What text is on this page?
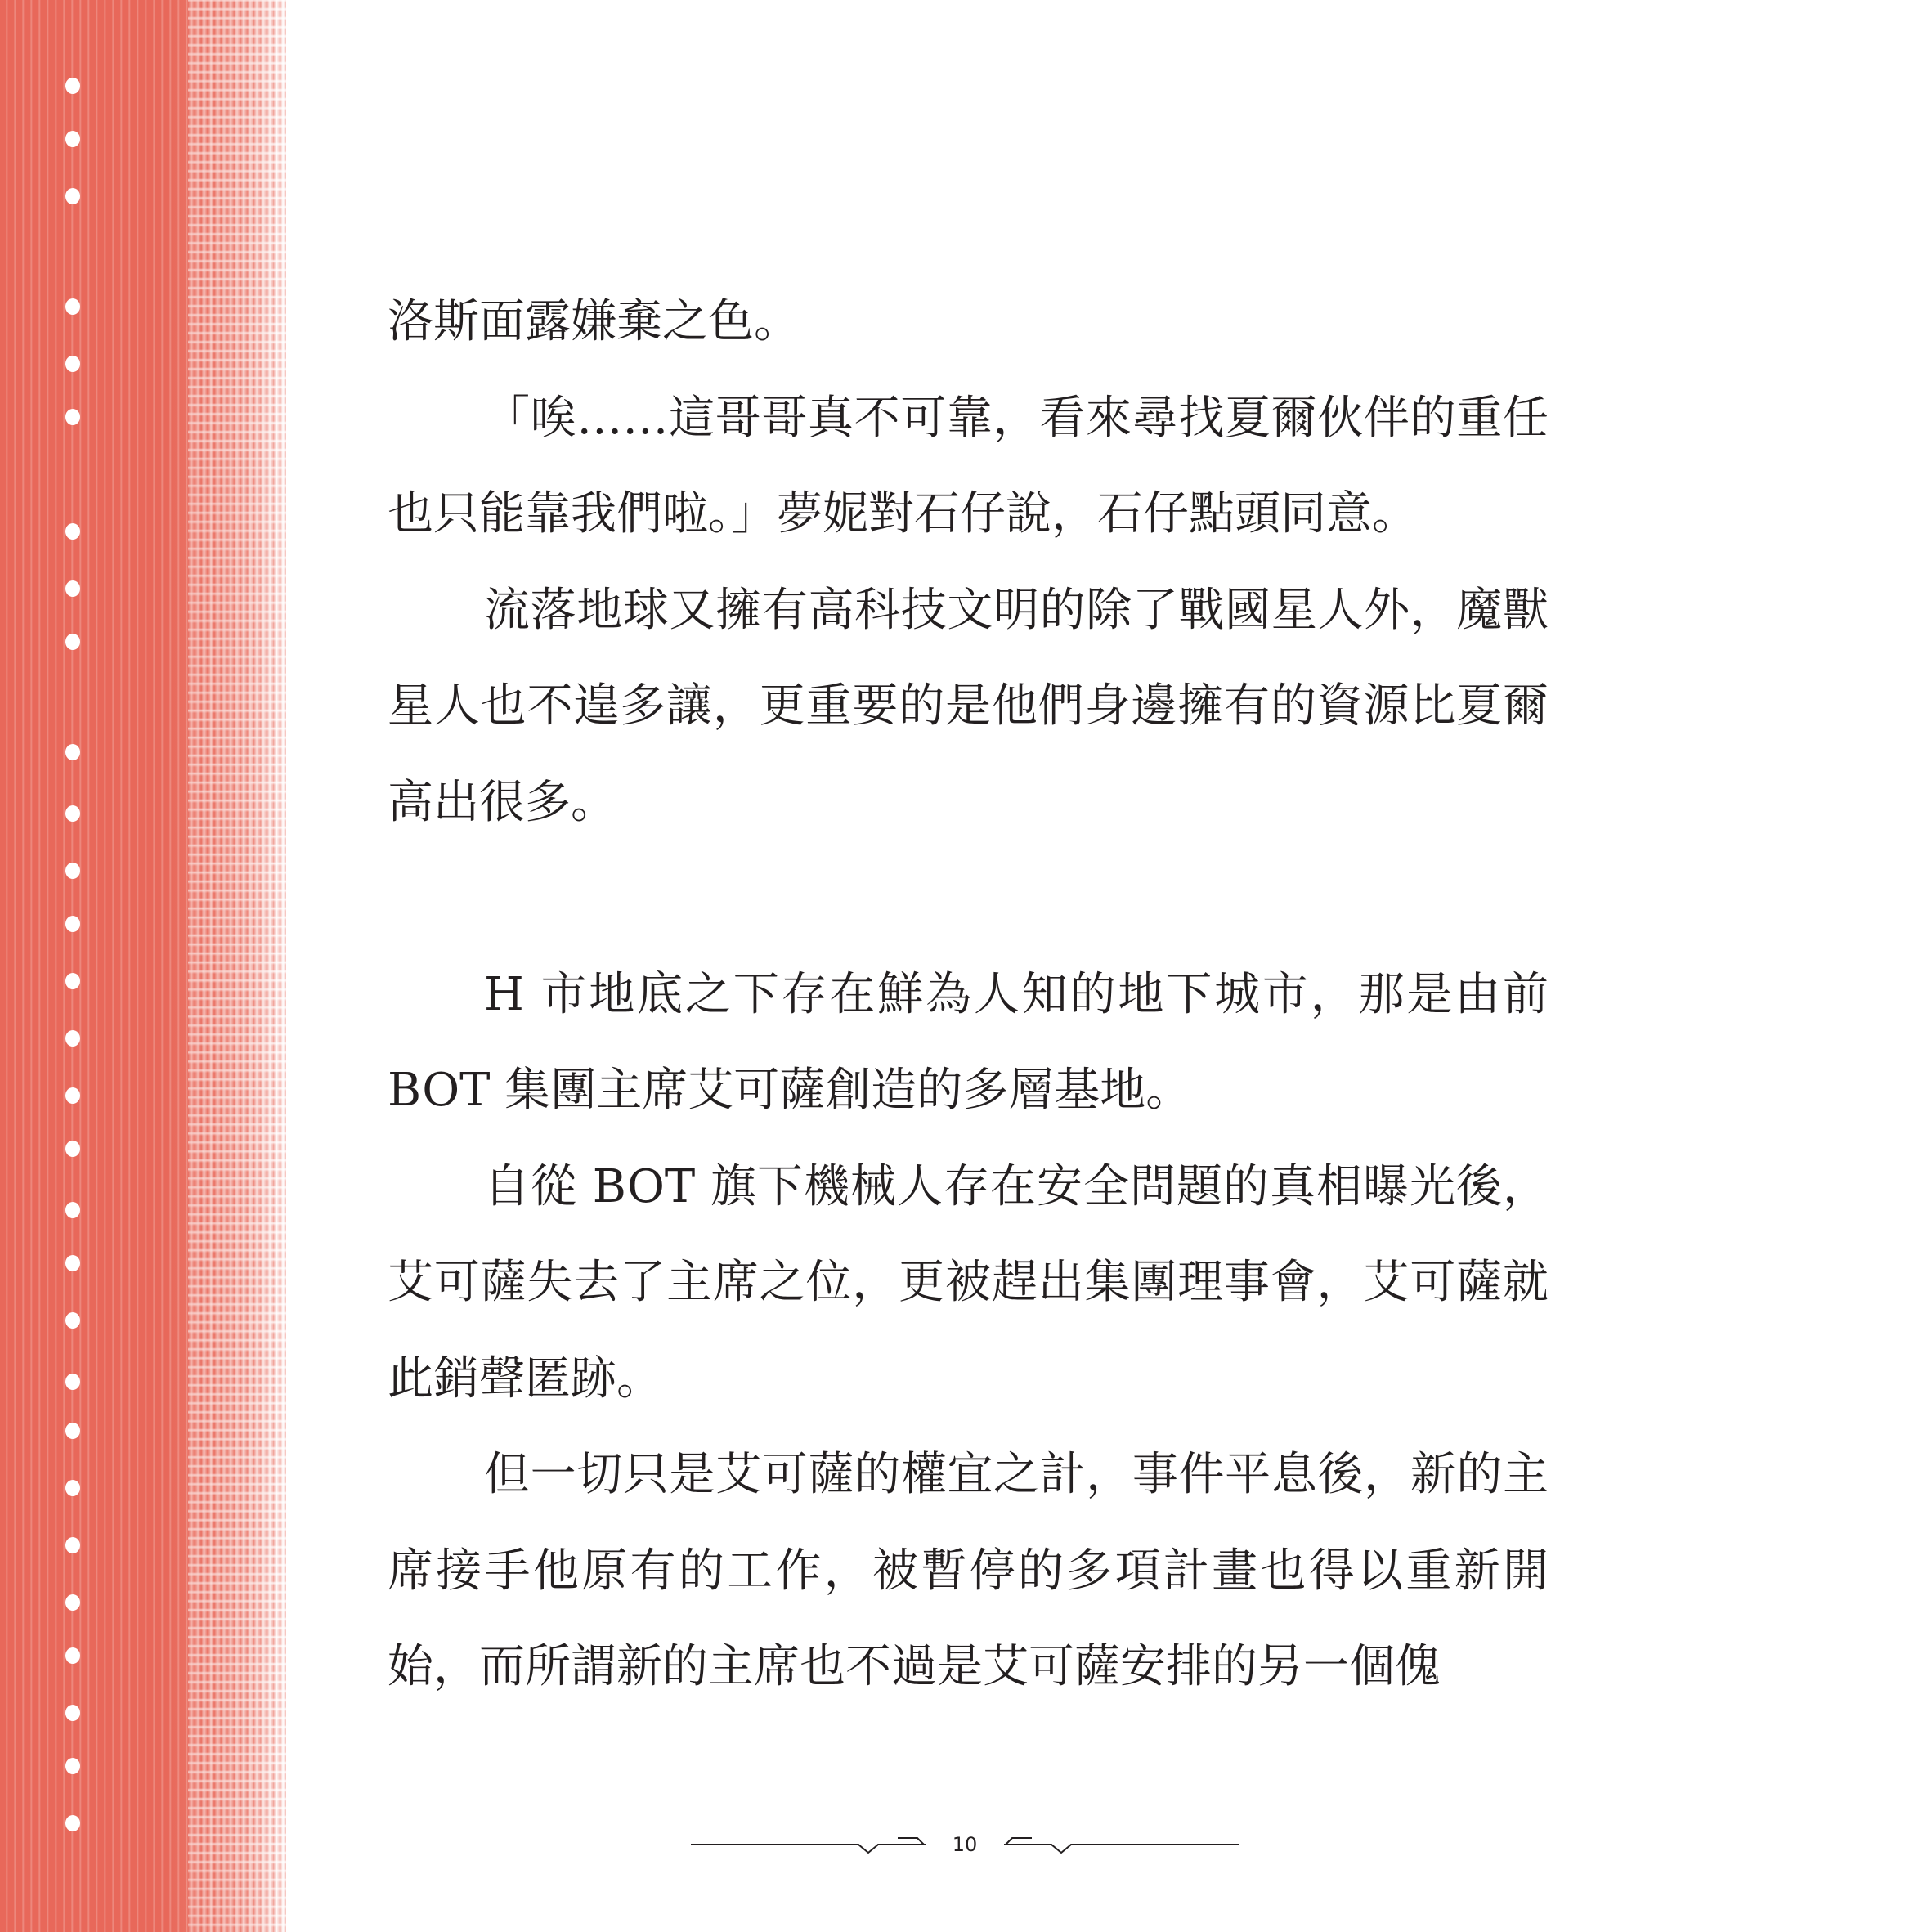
洛斯面露嫌棄之色。

「唉……這哥哥真不可靠，看來尋找夏爾伙伴的重任也只能靠我們啦。」夢妮對石仔說，石仔點頭同意。

流落地球又擁有高科技文明的除了戰國星人外，魔獸星人也不遑多讓，更重要的是他們身邊擁有的資源比夏爾高出很多。

H 市地底之下存在鮮為人知的地下城市，那是由前 BOT 集團主席艾可薩創造的多層基地。

自從 BOT 旗下機械人存在安全問題的真相曝光後，艾可薩失去了主席之位，更被趕出集團理事會，艾可薩就此銷聲匿跡。

但一切只是艾可薩的權宜之計，事件平息後，新的主席接手他原有的工作，被暫停的多項計畫也得以重新開始，而所謂新的主席也不過是艾可薩安排的另一個傀

10
